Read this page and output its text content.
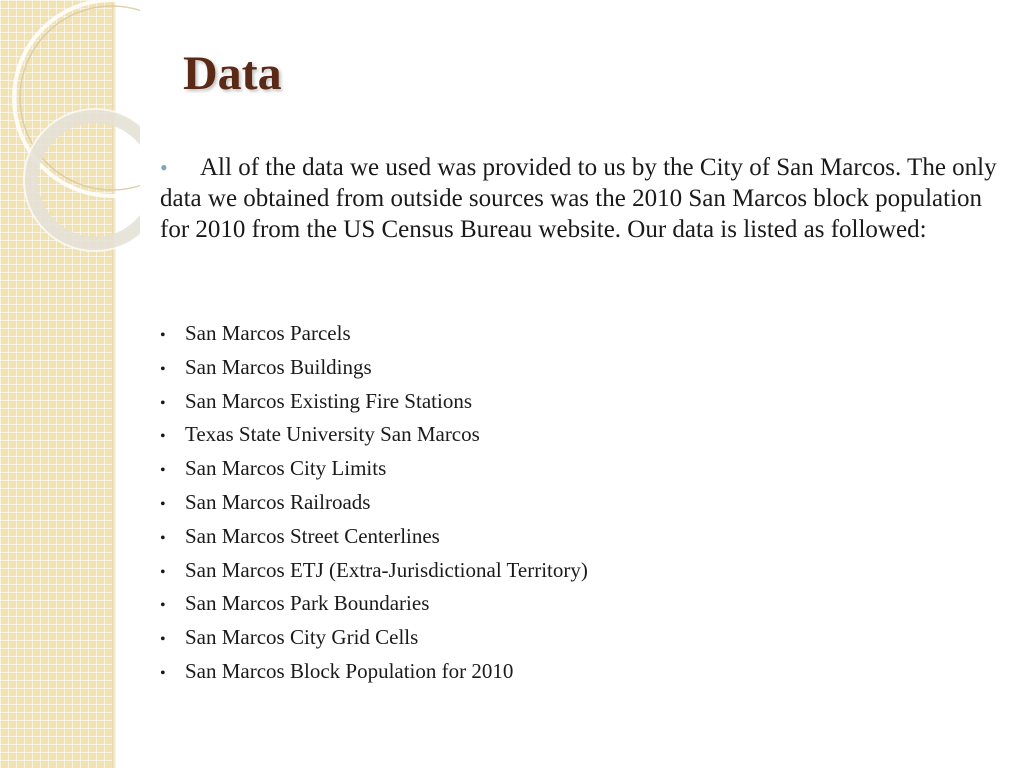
Data

• All of the data we used was provided to us by the City of San Marcos. The only data we obtained from outside sources was the 2010 San Marcos block population for 2010 from the US Census Bureau website. Our data is listed as followed:

• San Marcos Parcels
• San Marcos Buildings
• San Marcos Existing Fire Stations
• Texas State University San Marcos
• San Marcos City Limits
• San Marcos Railroads
• San Marcos Street Centerlines
• San Marcos ETJ (Extra-Jurisdictional Territory)
• San Marcos Park Boundaries
• San Marcos City Grid Cells
• San Marcos Block Population for 2010
